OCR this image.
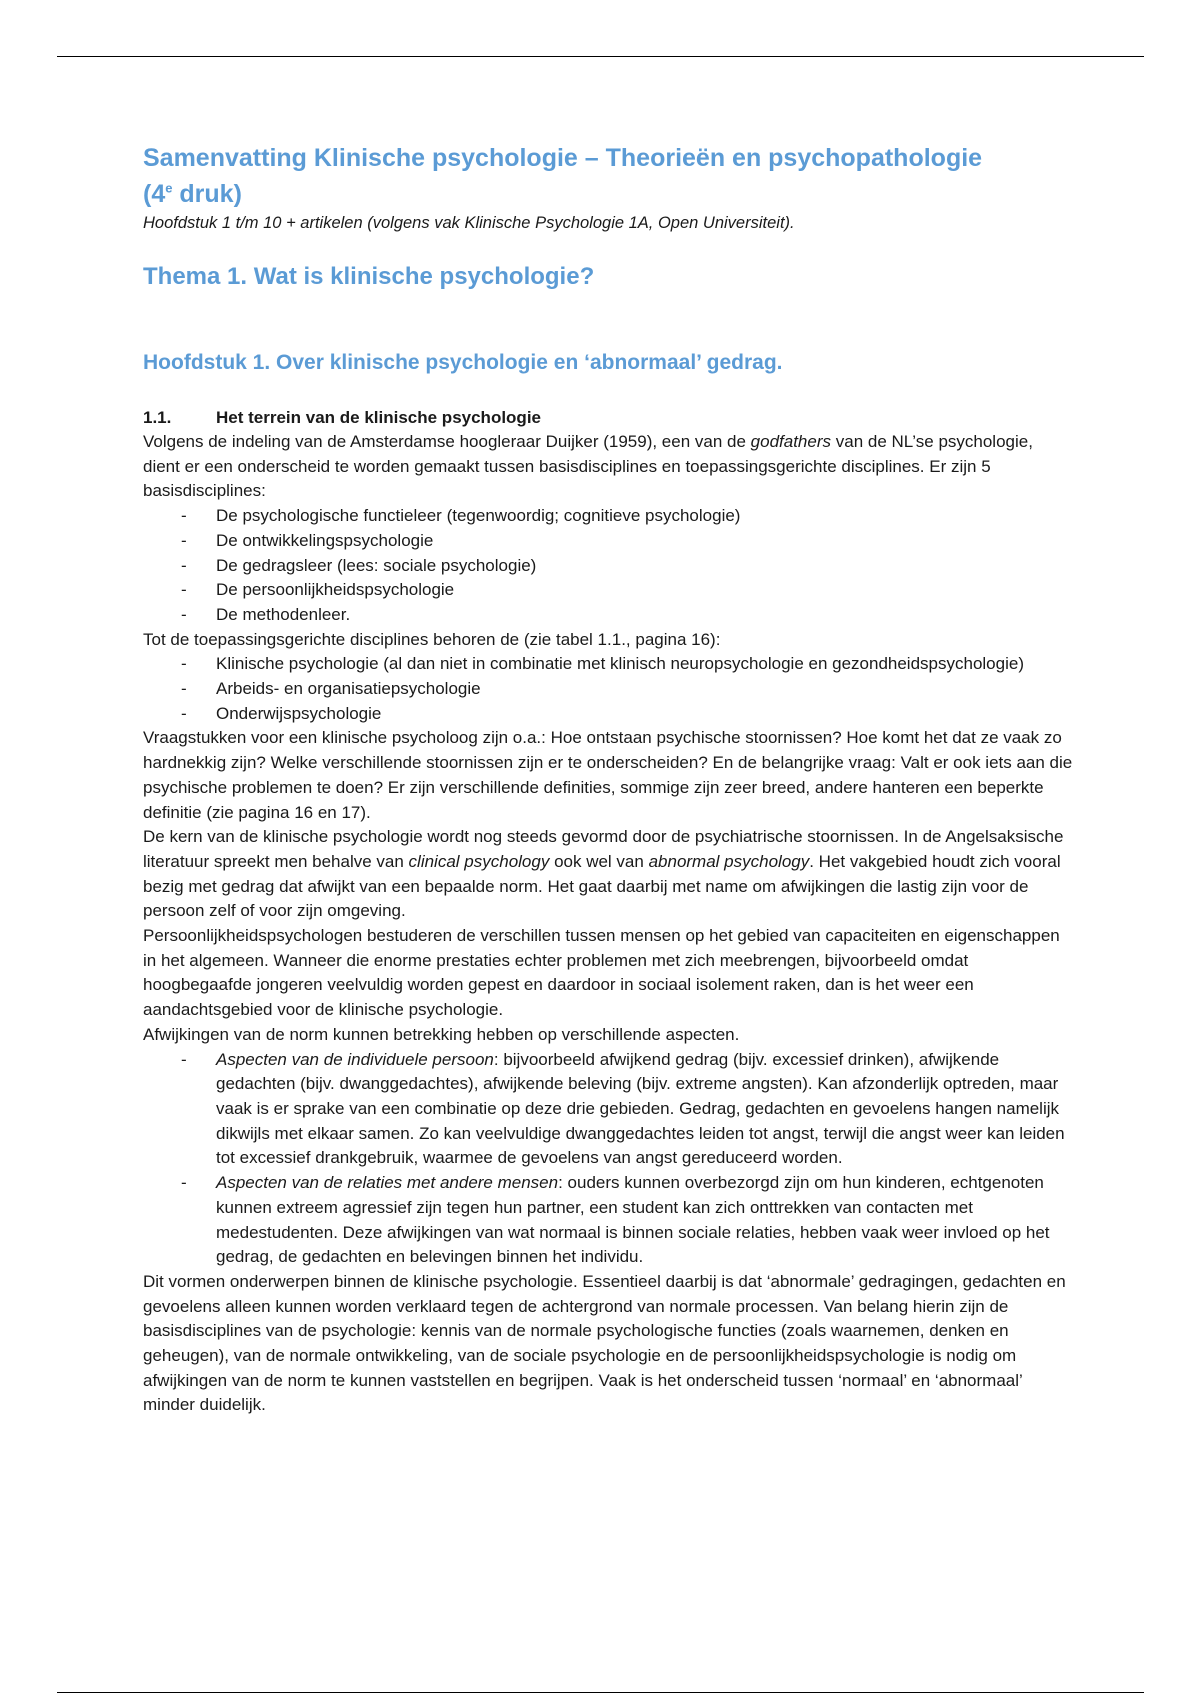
Samenvatting Klinische psychologie – Theorieën en psychopathologie
(4e druk)

Hoofdstuk 1 t/m 10 + artikelen (volgens vak Klinische Psychologie 1A, Open Universiteit).

Thema 1. Wat is klinische psychologie?
Hoofdstuk 1. Over klinische psychologie en ‘abnormaal’ gedrag.
1.1.	Het terrein van de klinische psychologie

Volgens de indeling van de Amsterdamse hoogleraar Duijker (1959), een van de godfathers van de NL’se psychologie, dient er een onderscheid te worden gemaakt tussen basisdisciplines en toepassingsgerichte disciplines. Er zijn 5 basisdisciplines:

- De psychologische functieleer (tegenwoordig; cognitieve psychologie)
- De ontwikkelingspsychologie
- De gedragsleer (lees: sociale psychologie)
- De persoonlijkheidspsychologie
- De methodenleer.

Tot de toepassingsgerichte disciplines behoren de (zie tabel 1.1., pagina 16):

- Klinische psychologie (al dan niet in combinatie met klinisch neuropsychologie en gezondheidspsychologie)
- Arbeids- en organisatiepsychologie
- Onderwijspsychologie

Vraagstukken voor een klinische psycholoog zijn o.a.: Hoe ontstaan psychische stoornissen? Hoe komt het dat ze vaak zo hardnekkig zijn? Welke verschillende stoornissen zijn er te onderscheiden? En de belangrijke vraag: Valt er ook iets aan die psychische problemen te doen? Er zijn verschillende definities, sommige zijn zeer breed, andere hanteren een beperkte definitie (zie pagina 16 en 17).

De kern van de klinische psychologie wordt nog steeds gevormd door de psychiatrische stoornissen. In de Angelsaksische literatuur spreekt men behalve van clinical psychology ook wel van abnormal psychology. Het vakgebied houdt zich vooral bezig met gedrag dat afwijkt van een bepaalde norm. Het gaat daarbij met name om afwijkingen die lastig zijn voor de persoon zelf of voor zijn omgeving.

Persoonlijkheidspsychologen bestuderen de verschillen tussen mensen op het gebied van capaciteiten en eigenschappen in het algemeen. Wanneer die enorme prestaties echter problemen met zich meebrengen, bijvoorbeeld omdat hoogbegaafde jongeren veelvuldig worden gepest en daardoor in sociaal isolement raken, dan is het weer een aandachtsgebied voor de klinische psychologie.

Afwijkingen van de norm kunnen betrekking hebben op verschillende aspecten.

- Aspecten van de individuele persoon: bijvoorbeeld afwijkend gedrag (bijv. excessief drinken), afwijkende gedachten (bijv. dwanggedachtes), afwijkende beleving (bijv. extreme angsten). Kan afzonderlijk optreden, maar vaak is er sprake van een combinatie op deze drie gebieden. Gedrag, gedachten en gevoelens hangen namelijk dikwijls met elkaar samen. Zo kan veelvuldige dwanggedachtes leiden tot angst, terwijl die angst weer kan leiden tot excessief drankgebruik, waarmee de gevoelens van angst gereduceerd worden.
- Aspecten van de relaties met andere mensen: ouders kunnen overbezorgd zijn om hun kinderen, echtgenoten kunnen extreem agressief zijn tegen hun partner, een student kan zich onttrekken van contacten met medestudenten. Deze afwijkingen van wat normaal is binnen sociale relaties, hebben vaak weer invloed op het gedrag, de gedachten en belevingen binnen het individu.

Dit vormen onderwerpen binnen de klinische psychologie. Essentieel daarbij is dat ‘abnormale’ gedragingen, gedachten en gevoelens alleen kunnen worden verklaard tegen de achtergrond van normale processen. Van belang hierin zijn de basisdisciplines van de psychologie: kennis van de normale psychologische functies (zoals waarnemen, denken en geheugen), van de normale ontwikkeling, van de sociale psychologie en de persoonlijkheidspsychologie is nodig om afwijkingen van de norm te kunnen vaststellen en begrijpen. Vaak is het onderscheid tussen ‘normaal’ en ‘abnormaal’ minder duidelijk.
